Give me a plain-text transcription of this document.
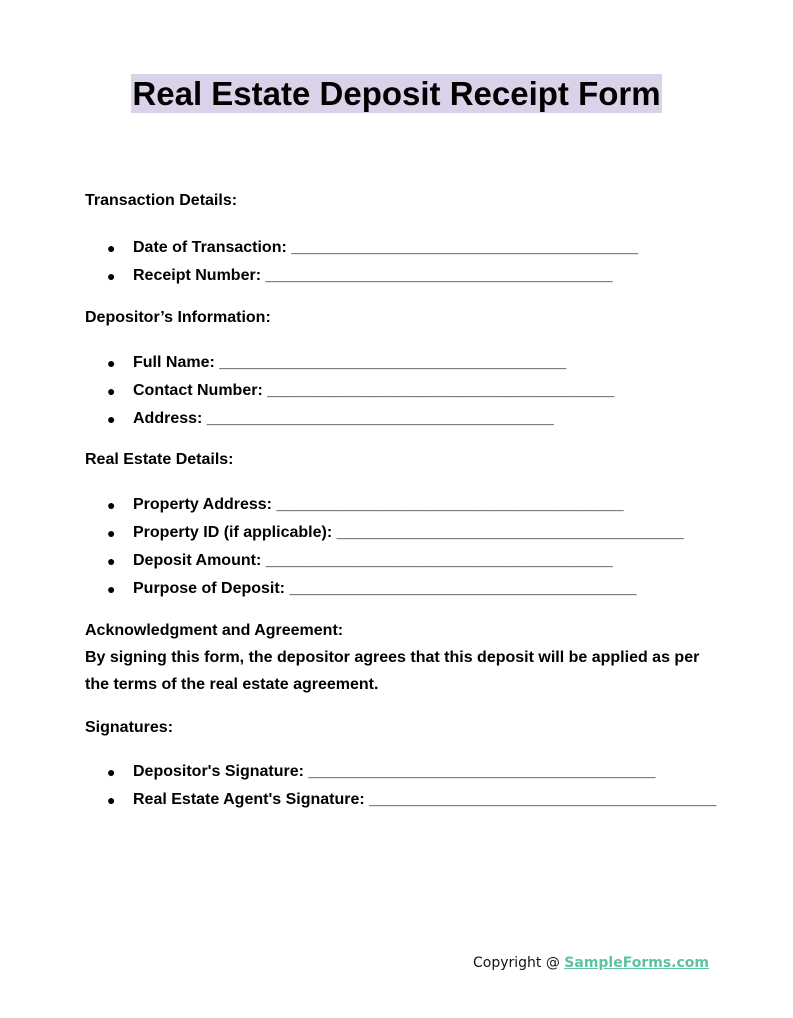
Real Estate Deposit Receipt Form
Transaction Details:
● Date of Transaction: _______________________________________
● Receipt Number: _______________________________________
Depositor’s Information:
● Full Name: _______________________________________
● Contact Number: _______________________________________
● Address: _______________________________________
Real Estate Details:
● Property Address: _______________________________________
● Property ID (if applicable): _______________________________________
● Deposit Amount: _______________________________________
● Purpose of Deposit: _______________________________________
Acknowledgment and Agreement:
By signing this form, the depositor agrees that this deposit will be applied as per the terms of the real estate agreement.
Signatures:
● Depositor's Signature: _______________________________________
● Real Estate Agent's Signature: _______________________________________
Copyright @ SampleForms.com
